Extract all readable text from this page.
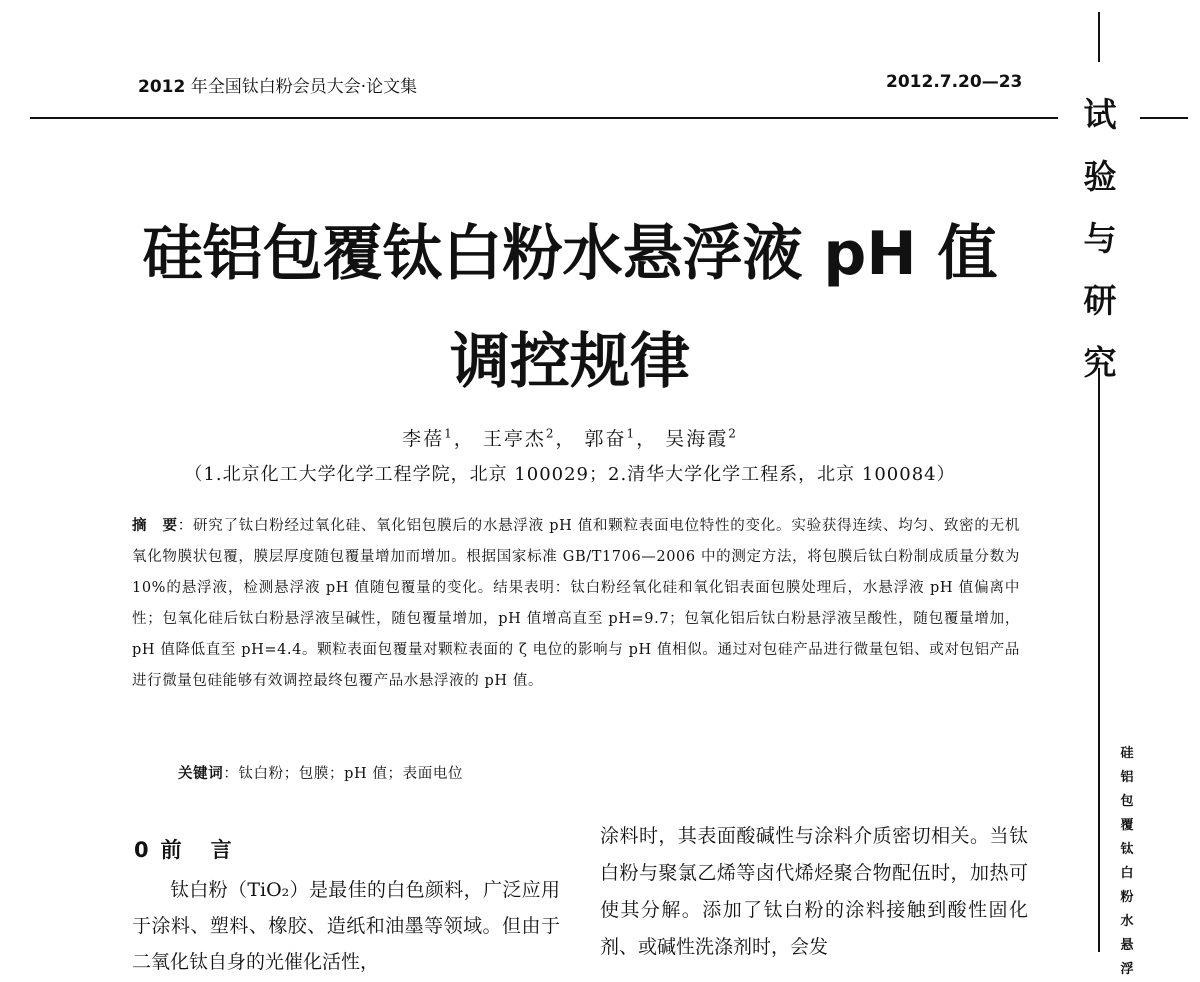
2012 年全国钛白粉会员大会·论文集	2012.7.20—23
试
验
与
研
究
硅
铝
包
覆
钛
白
粉
水
悬
浮
硅铝包覆钛白粉水悬浮液 pH 值
调控规律
李蓓$^1$， 王亭杰$^2$， 郭奋$^1$， 吴海霞$^2$
（1.北京化工大学化学工程学院，北京 100029；2.清华大学化学工程系，北京 100084）
摘　要：研究了钛白粉经过氧化硅、氧化铝包膜后的水悬浮液 pH 值和颗粒表面电位特性的变化。实验获得连续、均匀、致密的无机氧化物膜状包覆，膜层厚度随包覆量增加而增加。根据国家标准 GB/T1706—2006 中的测定方法，将包膜后钛白粉制成质量分数为 10%的悬浮液，检测悬浮液 pH 值随包覆量的变化。结果表明：钛白粉经氧化硅和氧化铝表面包膜处理后，水悬浮液 pH 值偏离中性；包氧化硅后钛白粉悬浮液呈碱性，随包覆量增加，pH 值增高直至 pH=9.7；包氧化铝后钛白粉悬浮液呈酸性，随包覆量增加，pH 值降低直至 pH=4.4。颗粒表面包覆量对颗粒表面的 ζ 电位的影响与 pH 值相似。通过对包硅产品进行微量包铝、或对包铝产品进行微量包硅能够有效调控最终包覆产品水悬浮液的 pH 值。
关键词：钛白粉；包膜；pH 值；表面电位
0 前　言

钛白粉（TiO₂）是最佳的白色颜料，广泛应用于涂料、塑料、橡胶、造纸和油墨等领域。但由于二氧化钛自身的光催化活性，

涂料时，其表面酸碱性与涂料介质密切相关。当钛白粉与聚氯乙烯等卤代烯烃聚合物配伍时，加热可使其分解。添加了钛白粉的涂料接触到酸性固化剂、或碱性洗涤剂时，会发
